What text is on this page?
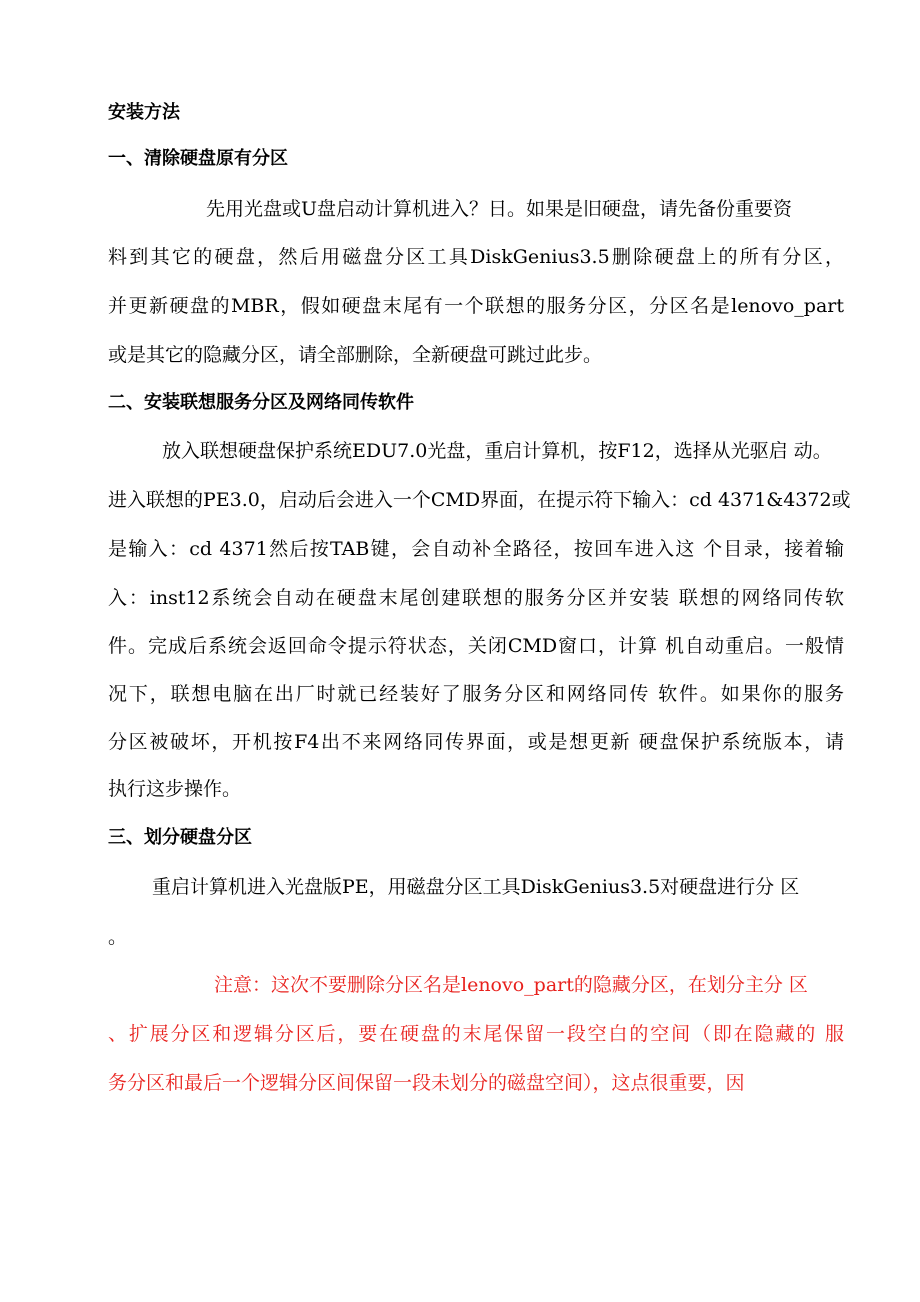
安装方法
一、清除硬盘原有分区
先用光盘或U盘启动计算机进入？日。如果是旧硬盘，请先备份重要资
料到其它的硬盘，然后用磁盘分区工具DiskGenius3.5删除硬盘上的所有分区，
并更新硬盘的MBR，假如硬盘末尾有一个联想的服务分区，分区名是lenovo_part
或是其它的隐藏分区，请全部删除，全新硬盘可跳过此步。
二、安装联想服务分区及网络同传软件
放入联想硬盘保护系统EDU7.0光盘，重启计算机，按F12，选择从光驱启 动。
进入联想的PE3.0，启动后会进入一个CMD界面，在提示符下输入：cd 4371&4372或
是输入：cd 4371然后按TAB键，会自动补全路径，按回车进入这 个目录，接着输
入：inst12系统会自动在硬盘末尾创建联想的服务分区并安装 联想的网络同传软
件。完成后系统会返回命令提示符状态，关闭CMD窗口，计算 机自动重启。一般情
况下，联想电脑在出厂时就已经装好了服务分区和网络同传 软件。如果你的服务
分区被破坏，开机按F4出不来网络同传界面，或是想更新 硬盘保护系统版本，请
执行这步操作。
三、划分硬盘分区
重启计算机进入光盘版PE，用磁盘分区工具DiskGenius3.5对硬盘进行分 区
。
注意：这次不要删除分区名是lenovo_part的隐藏分区，在划分主分 区
、扩展分区和逻辑分区后，要在硬盘的末尾保留一段空白的空间（即在隐藏的 服
务分区和最后一个逻辑分区间保留一段未划分的磁盘空间），这点很重要，因
